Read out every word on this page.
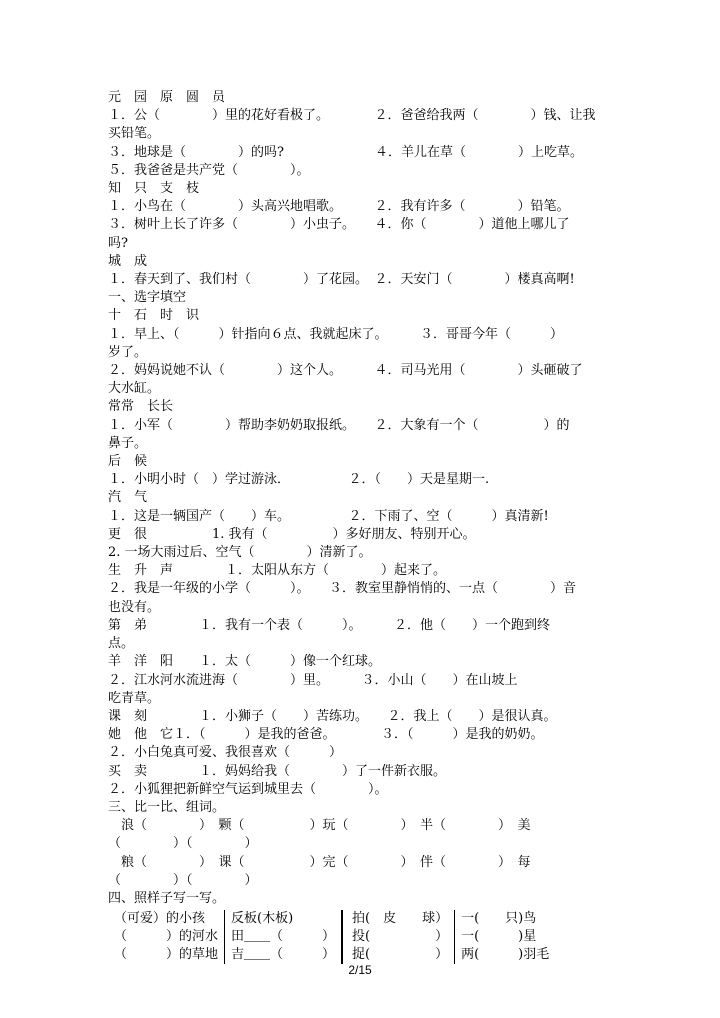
元　园　原　圆　员
１．公（　　　　）里的花好看极了。　　　　２．爸爸给我两（　　　　）钱、让我
买铅笔。
３．地球是（　　　　）的吗?　　　　　　　４．羊儿在草（　　　　）上吃草。
５．我爸爸是共产党（　　　　）。
知　只　支　枝
１．小鸟在（　　　　）头高兴地唱歌。　　　２．我有许多（　　　　）铅笔。
３．树叶上长了许多（　　　　）小虫子。　　４．你（　　　　）道他上哪儿了
吗?
城　成
１．春天到了、我们村（　　　　）了花园。　２．天安门（　　　　）楼真高啊!
一、选字填空
十　石　时　识
１．早上、（　　　）针指向６点、我就起床了。　　　３．哥哥今年（　　　）
岁了。
２．妈妈说她不认（　　　　）这个人。　　　４．司马光用（　　　　）头砸破了
大水缸。
常常　长长
１．小军（　　　　）帮助李奶奶取报纸。　　２．大象有一个（　　　　　）的
鼻子。
后　候
１．小明小时（　）学过游泳．　　　　　２．（　　）天是星期一.
汽　气
１．这是一辆国产（　　）车。　　　　　２．下雨了、空（　　　）真清新!
更　很　　　　　1. 我有（　　　　　）多好朋友、特别开心。
2. 一场大雨过后、空气（　　　　）清新了。
生　升　声　　　　１．太阳从东方（　　　　）起来了。
２．我是一年级的小学（　　　）。　　３．教室里静悄悄的、一点（　　　　）音
也没有。
第　弟　　　　１．我有一个表（　　　）。　　　２．他（　　）一个跑到终
点。
羊　洋　阳　　１．太（　　　）像一个红球。
２．江水河水流进海（　　　　）里。　　　３．小山（　　）在山坡上
吃青草。
课　刻　　　　１．小狮子（　　）苦练功。　　２．我上（　　）是很认真。
她　他　它１．（　　　）是我的爸爸。　　　　３．（　　　）是我的奶奶。
２．小白兔真可爱、我很喜欢（　　　）
买　卖　　　　１．妈妈给我（　　　　）了一件新衣服。
２．小狐狸把新鲜空气运到城里去（　　　　）。
三、比一比、组词。
　浪（　　　　）　颗（　　　　　）玩（　　　　）　半（　　　　）　美
（　　　　）（　　　　）
　粮（　　　　）　课（　　　　　）完（　　　　）　伴（　　　　）　每
（　　　　）（　　　　）
四、照样子写一写。
（可爱）的小孩		反板(木板)			拍(　皮　　球）		一(　　只)鸟
（　　　）的河水		田＿＿（　　　）			投(　　　　　）		一(　　　)星
（　　　）的草地		吉＿＿（　　　）			捉(　　　　　）		两(　　　)羽毛
2/15
